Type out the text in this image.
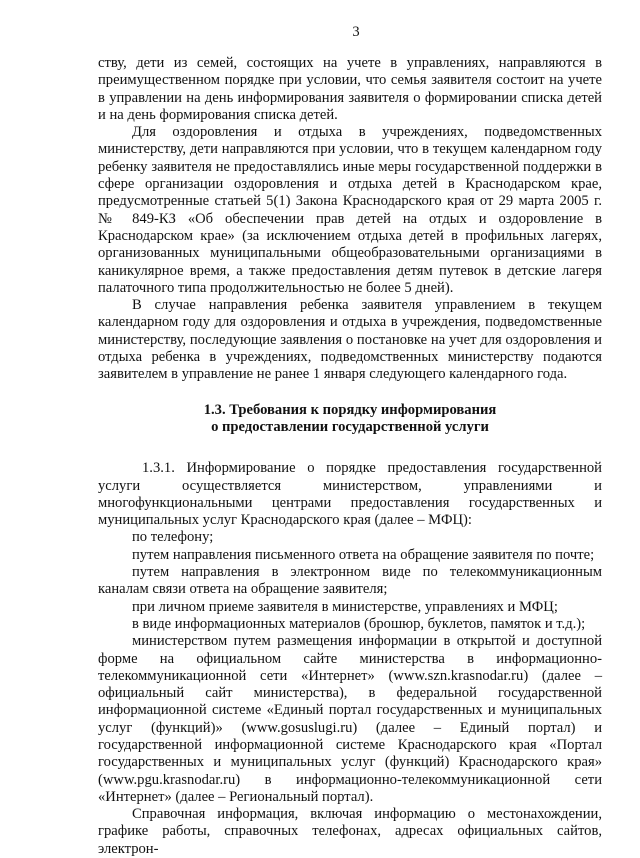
3

ству, дети из семей, состоящих на учете в управлениях, направляются в преимущественном порядке при условии, что семья заявителя состоит на учете в управлении на день информирования заявителя о формировании списка детей и на день формирования списка детей.

Для оздоровления и отдыха в учреждениях, подведомственных министерству, дети направляются при условии, что в текущем календарном году ребенку заявителя не предоставлялись иные меры государственной поддержки в сфере организации оздоровления и отдыха детей в Краснодарском крае, предусмотренные статьей 5(1) Закона Краснодарского края от 29 марта 2005 г. № 849-КЗ «Об обеспечении прав детей на отдых и оздоровление в Краснодарском крае» (за исключением отдыха детей в профильных лагерях, организованных муниципальными общеобразовательными организациями в каникулярное время, а также предоставления детям путевок в детские лагеря палаточного типа продолжительностью не более 5 дней).

В случае направления ребенка заявителя управлением в текущем календарном году для оздоровления и отдыха в учреждения, подведомственные министерству, последующие заявления о постановке на учет для оздоровления и отдыха ребенка в учреждениях, подведомственных министерству подаются заявителем в управление не ранее 1 января следующего календарного года.

1.3. Требования к порядку информирования
о предоставлении государственной услуги

1.3.1. Информирование о порядке предоставления государственной услуги осуществляется министерством, управлениями и многофункциональными центрами предоставления государственных и муниципальных услуг Краснодарского края (далее – МФЦ):

по телефону;

путем направления письменного ответа на обращение заявителя по почте;

путем направления в электронном виде по телекоммуникационным каналам связи ответа на обращение заявителя;

при личном приеме заявителя в министерстве, управлениях и МФЦ;

в виде информационных материалов (брошюр, буклетов, памяток и т.д.);

министерством путем размещения информации в открытой и доступной форме на официальном сайте министерства в информационно-телекоммуникационной сети «Интернет» (www.szn.krasnodar.ru) (далее – официальный сайт министерства), в федеральной государственной информационной системе «Единый портал государственных и муниципальных услуг (функций)» (www.gosuslugi.ru) (далее – Единый портал) и государственной информационной системе Краснодарского края «Портал государственных и муниципальных услуг (функций) Краснодарского края» (www.pgu.krasnodar.ru) в информационно-телекоммуникационной сети «Интернет» (далее – Региональный портал).

Справочная информация, включая информацию о местонахождении, графике работы, справочных телефонах, адресах официальных сайтов, электрон-
